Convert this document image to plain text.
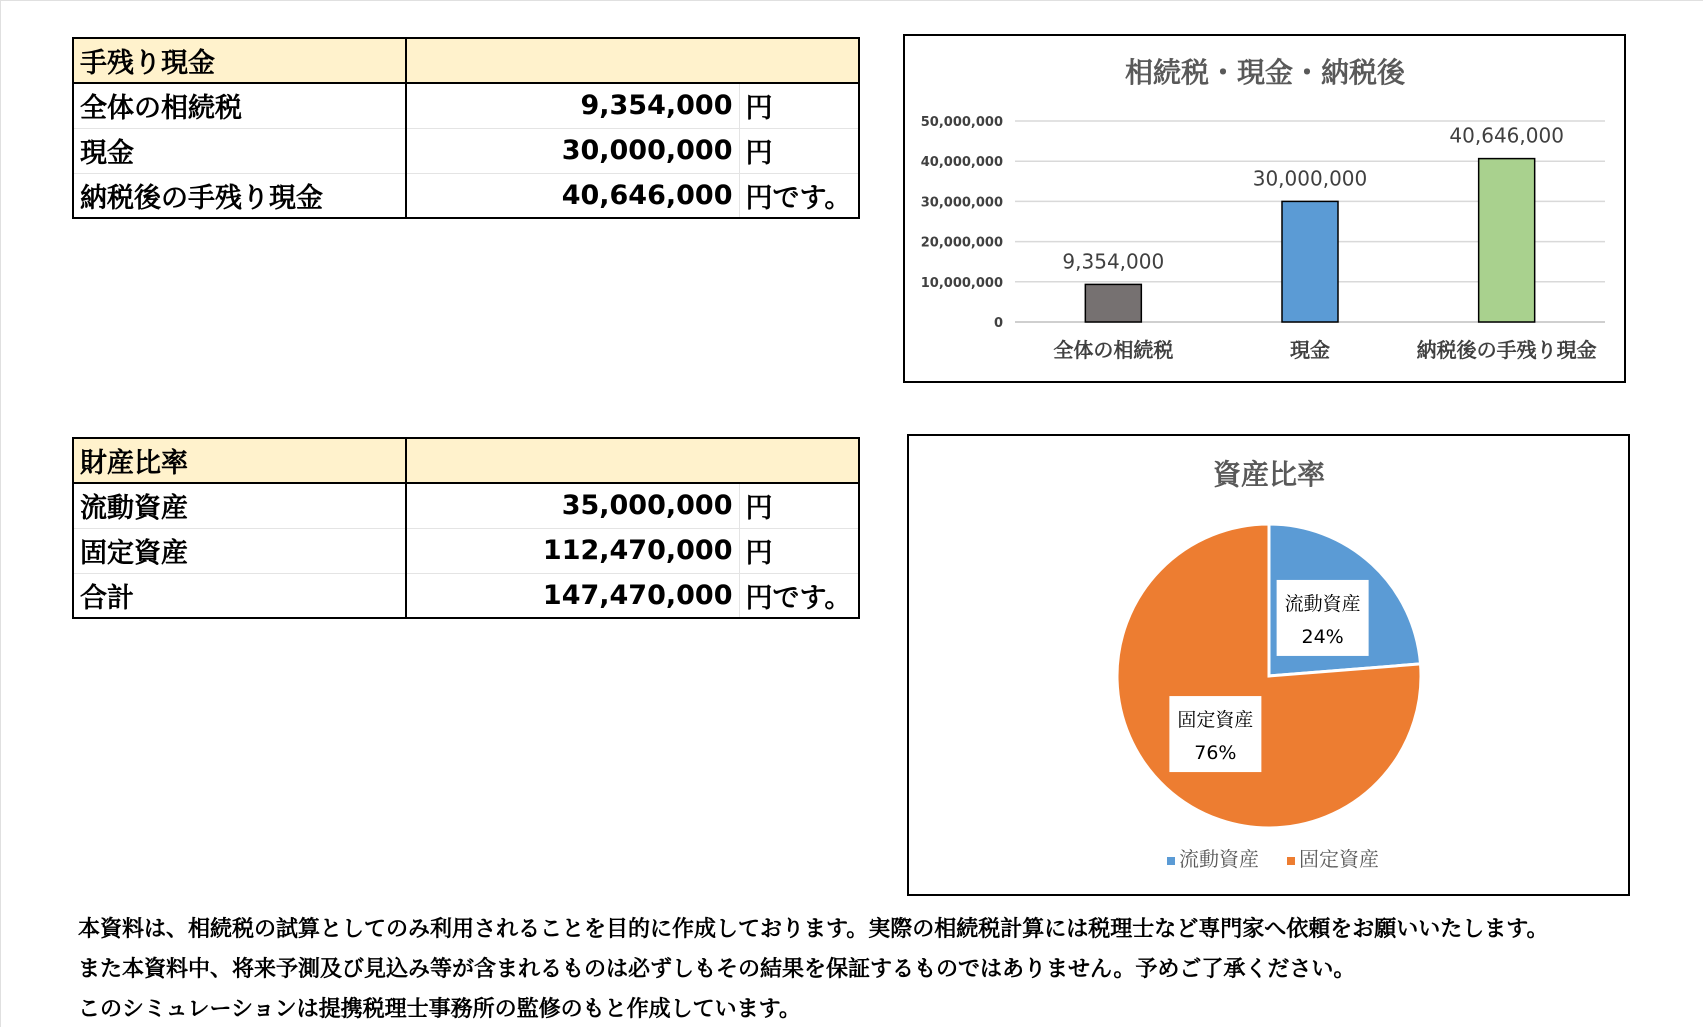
手残り現金		
全体の相続税	9,354,000	円
現金	30,000,000	円
納税後の手残り現金	40,646,000	円です。
財産比率		
流動資産	35,000,000	円
固定資産	112,470,000	円
合計	147,470,000	円です。
相続税・現金・納税後
0
10,000,000
20,000,000
30,000,000
40,000,000
50,000,000
9,354,000
30,000,000
40,646,000
全体の相続税	現金	納税後の手残り現金
資産比率
流動資産
24%
固定資産
76%
流動資産 固定資産
本資料は、相続税の試算としてのみ利用されることを目的に作成しております。実際の相続税計算には税理士など専門家へ依頼をお願いいたします。
また本資料中、将来予測及び見込み等が含まれるものは必ずしもその結果を保証するものではありません。予めご了承ください。
このシミュレーションは提携税理士事務所の監修のもと作成しています。
